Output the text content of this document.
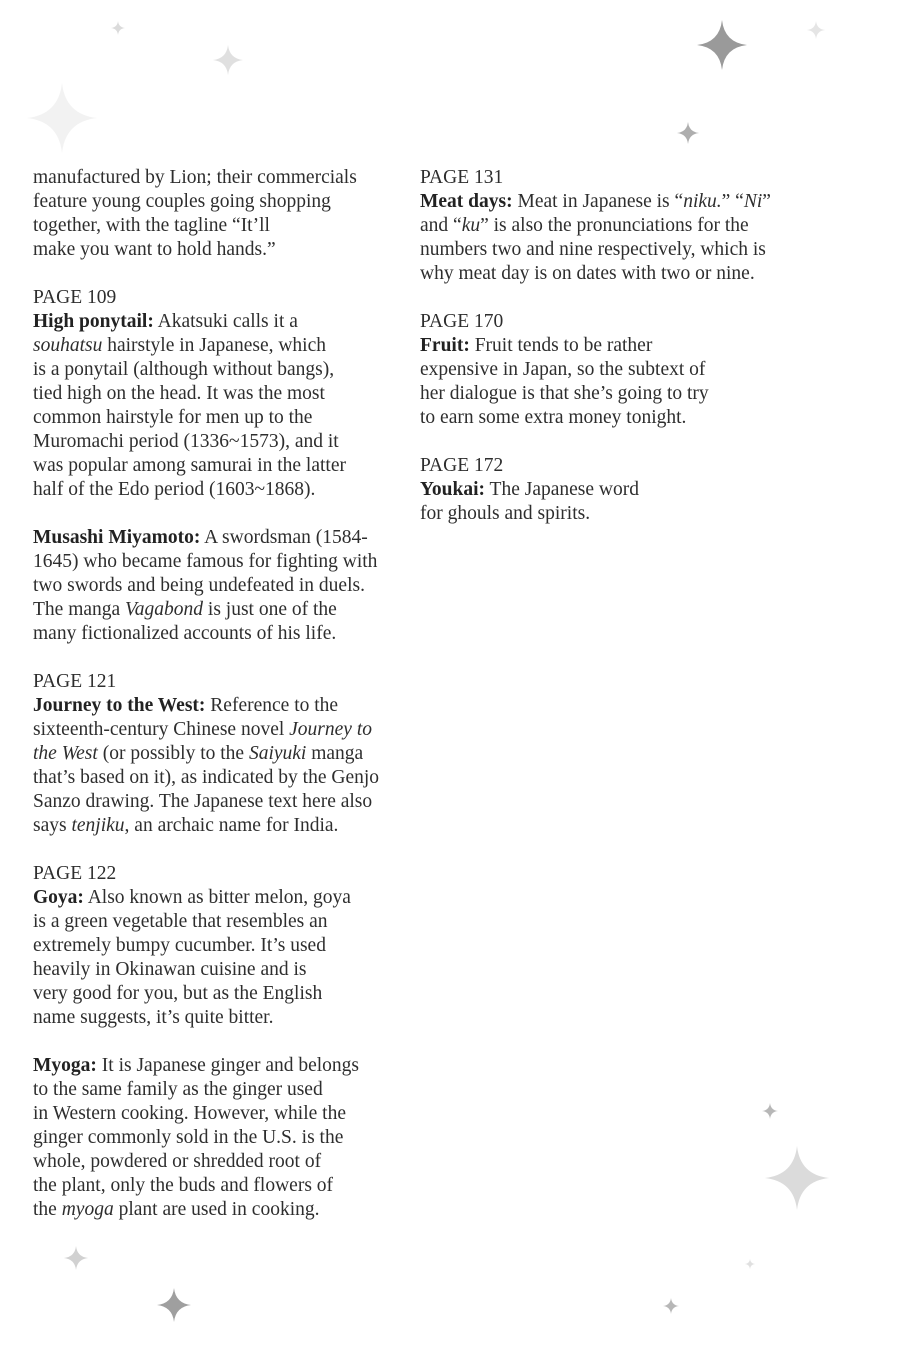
manufactured by Lion; their commercials
feature young couples going shopping
together, with the tagline “It’ll
make you want to hold hands.”
PAGE 109
High ponytail: Akatsuki calls it a
souhatsu hairstyle in Japanese, which
is a ponytail (although without bangs),
tied high on the head. It was the most
common hairstyle for men up to the
Muromachi period (1336~1573), and it
was popular among samurai in the latter
half of the Edo period (1603~1868).
Musashi Miyamoto: A swordsman (1584-
1645) who became famous for fighting with
two swords and being undefeated in duels.
The manga Vagabond is just one of the
many fictionalized accounts of his life.
PAGE 121
Journey to the West: Reference to the
sixteenth-century Chinese novel Journey to
the West (or possibly to the Saiyuki manga
that’s based on it), as indicated by the Genjo
Sanzo drawing. The Japanese text here also
says tenjiku, an archaic name for India.
PAGE 122
Goya: Also known as bitter melon, goya
is a green vegetable that resembles an
extremely bumpy cucumber. It’s used
heavily in Okinawan cuisine and is
very good for you, but as the English
name suggests, it’s quite bitter.
Myoga: It is Japanese ginger and belongs
to the same family as the ginger used
in Western cooking. However, while the
ginger commonly sold in the U.S. is the
whole, powdered or shredded root of
the plant, only the buds and flowers of
the myoga plant are used in cooking.
PAGE 131
Meat days: Meat in Japanese is “niku.” “Ni”
and “ku” is also the pronunciations for the
numbers two and nine respectively, which is
why meat day is on dates with two or nine.
PAGE 170
Fruit: Fruit tends to be rather
expensive in Japan, so the subtext of
her dialogue is that she’s going to try
to earn some extra money tonight.
PAGE 172
Youkai: The Japanese word
for ghouls and spirits.
